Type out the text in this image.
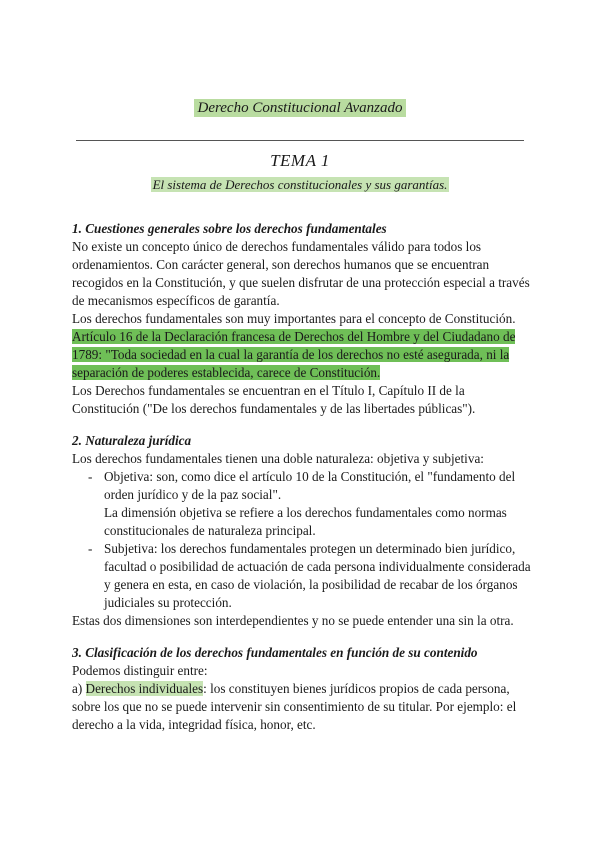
Derecho Constitucional Avanzado
TEMA 1
El sistema de Derechos constitucionales y sus garantías.

1. Cuestiones generales sobre los derechos fundamentales

No existe un concepto único de derechos fundamentales válido para todos los ordenamientos. Con carácter general, son derechos humanos que se encuentran recogidos en la Constitución, y que suelen disfrutar de una protección especial a través de mecanismos específicos de garantía.

Los derechos fundamentales son muy importantes para el concepto de Constitución.

Artículo 16 de la Declaración francesa de Derechos del Hombre y del Ciudadano de 1789: "Toda sociedad en la cual la garantía de los derechos no esté asegurada, ni la separación de poderes establecida, carece de Constitución.

Los Derechos fundamentales se encuentran en el Título I, Capítulo II de la Constitución ("De los derechos fundamentales y de las libertades públicas").

2. Naturaleza jurídica

Los derechos fundamentales tienen una doble naturaleza: objetiva y subjetiva:

- Objetiva: son, como dice el artículo 10 de la Constitución, el "fundamento del orden jurídico y de la paz social".
La dimensión objetiva se refiere a los derechos fundamentales como normas constitucionales de naturaleza principal.
- Subjetiva: los derechos fundamentales protegen un determinado bien jurídico, facultad o posibilidad de actuación de cada persona individualmente considerada y genera en esta, en caso de violación, la posibilidad de recabar de los órganos judiciales su protección.

Estas dos dimensiones son interdependientes y no se puede entender una sin la otra.

3. Clasificación de los derechos fundamentales en función de su contenido

Podemos distinguir entre:

a) Derechos individuales: los constituyen bienes jurídicos propios de cada persona, sobre los que no se puede intervenir sin consentimiento de su titular. Por ejemplo: el derecho a la vida, integridad física, honor, etc.
